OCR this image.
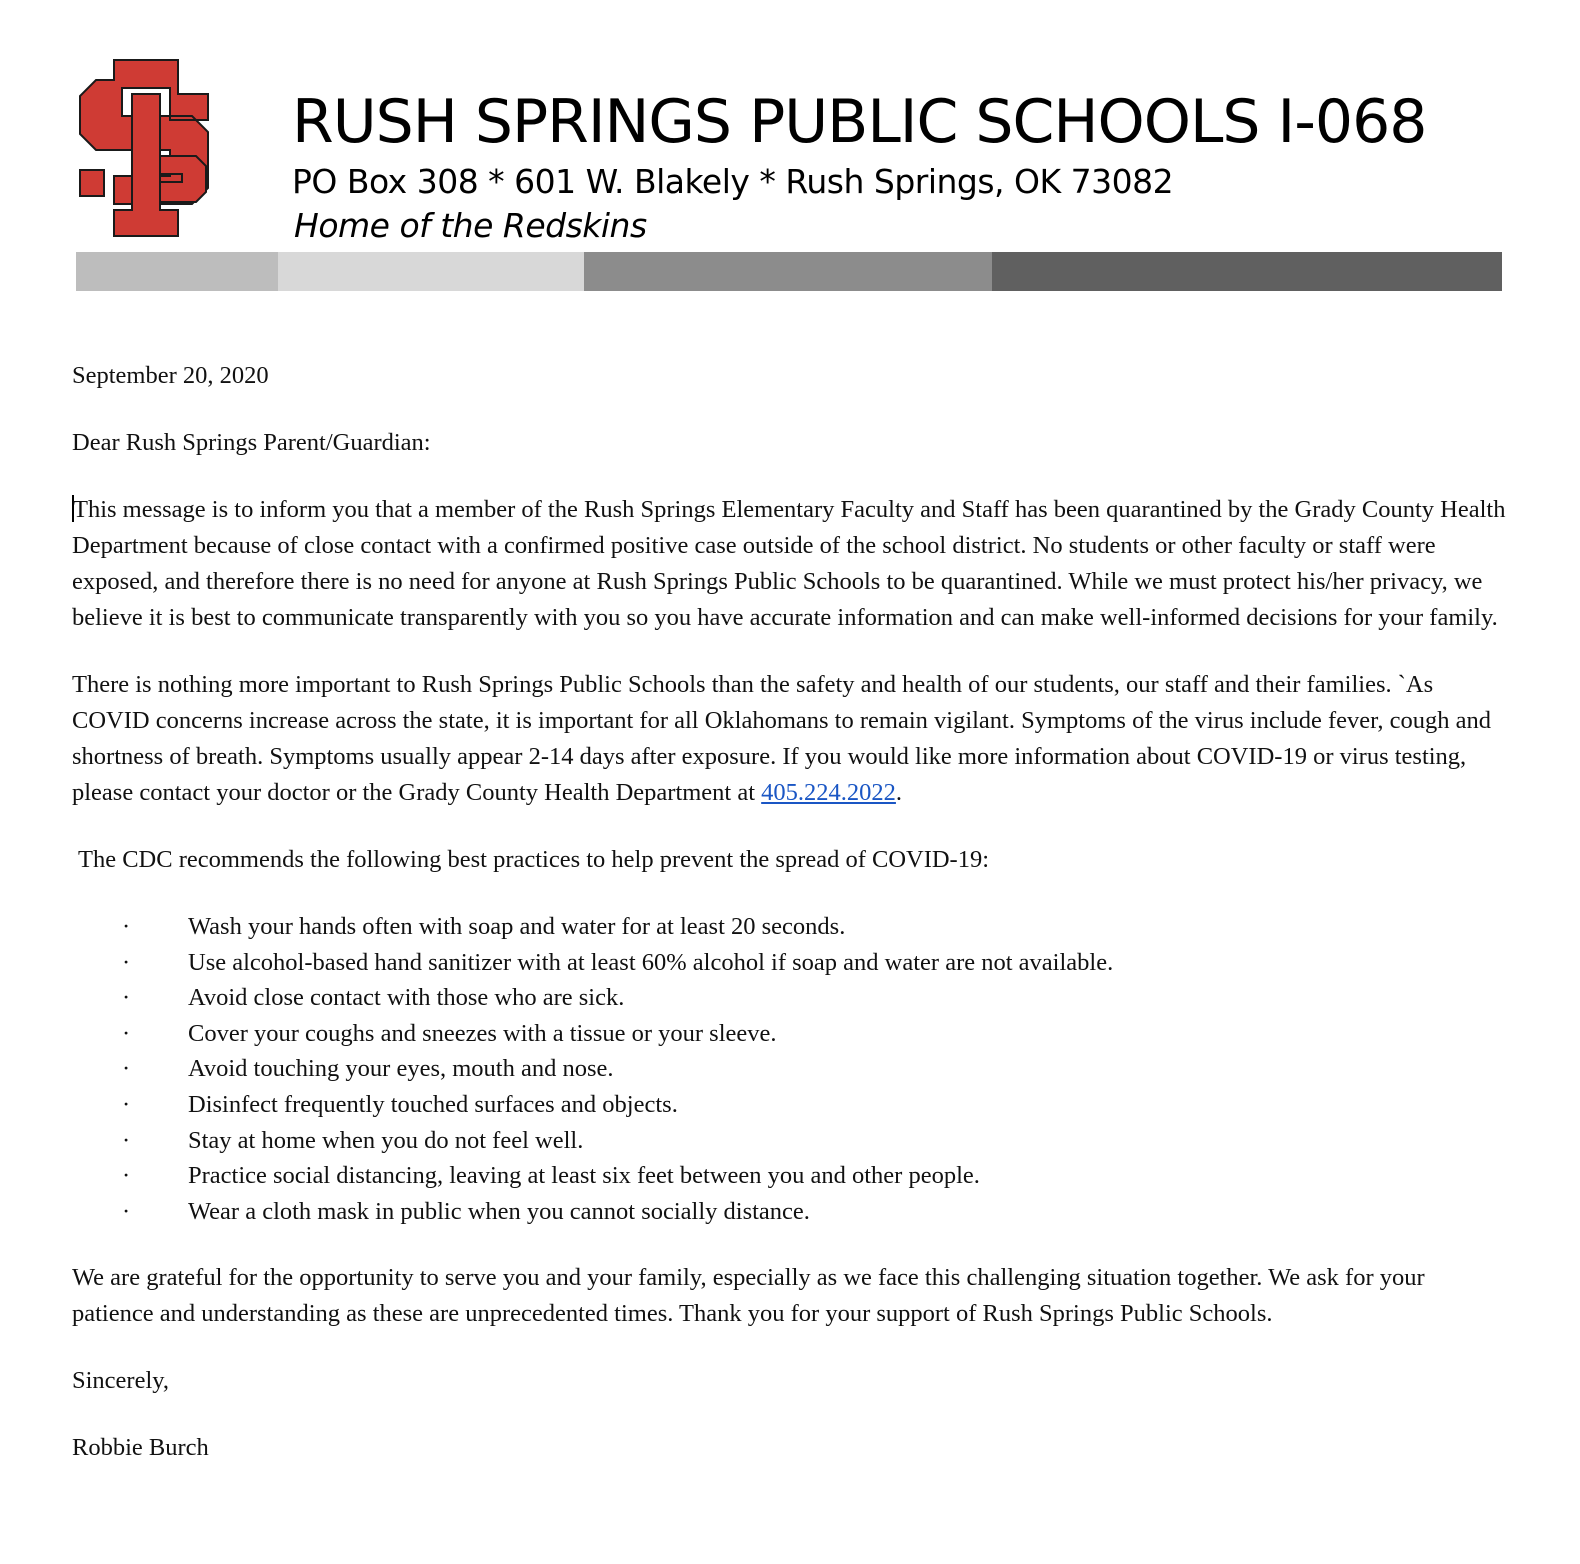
RUSH SPRINGS PUBLIC SCHOOLS I-068
PO Box 308 * 601 W. Blakely * Rush Springs, OK 73082
Home of the Redskins

September 20, 2020

Dear Rush Springs Parent/Guardian:

This message is to inform you that a member of the Rush Springs Elementary Faculty and Staff has been quarantined by the Grady County Health Department because of close contact with a confirmed positive case outside of the school district. No students or other faculty or staff were exposed, and therefore there is no need for anyone at Rush Springs Public Schools to be quarantined. While we must protect his/her privacy, we believe it is best to communicate transparently with you so you have accurate information and can make well-informed decisions for your family.

There is nothing more important to Rush Springs Public Schools than the safety and health of our students, our staff and their families. `As COVID concerns increase across the state, it is important for all Oklahomans to remain vigilant. Symptoms of the virus include fever, cough and shortness of breath. Symptoms usually appear 2-14 days after exposure. If you would like more information about COVID-19 or virus testing, please contact your doctor or the Grady County Health Department at 405.224.2022.

The CDC recommends the following best practices to help prevent the spread of COVID-19:

· Wash your hands often with soap and water for at least 20 seconds.
· Use alcohol-based hand sanitizer with at least 60% alcohol if soap and water are not available.
· Avoid close contact with those who are sick.
· Cover your coughs and sneezes with a tissue or your sleeve.
· Avoid touching your eyes, mouth and nose.
· Disinfect frequently touched surfaces and objects.
· Stay at home when you do not feel well.
· Practice social distancing, leaving at least six feet between you and other people.
· Wear a cloth mask in public when you cannot socially distance.

We are grateful for the opportunity to serve you and your family, especially as we face this challenging situation together. We ask for your patience and understanding as these are unprecedented times. Thank you for your support of Rush Springs Public Schools.

Sincerely,

Robbie Burch
